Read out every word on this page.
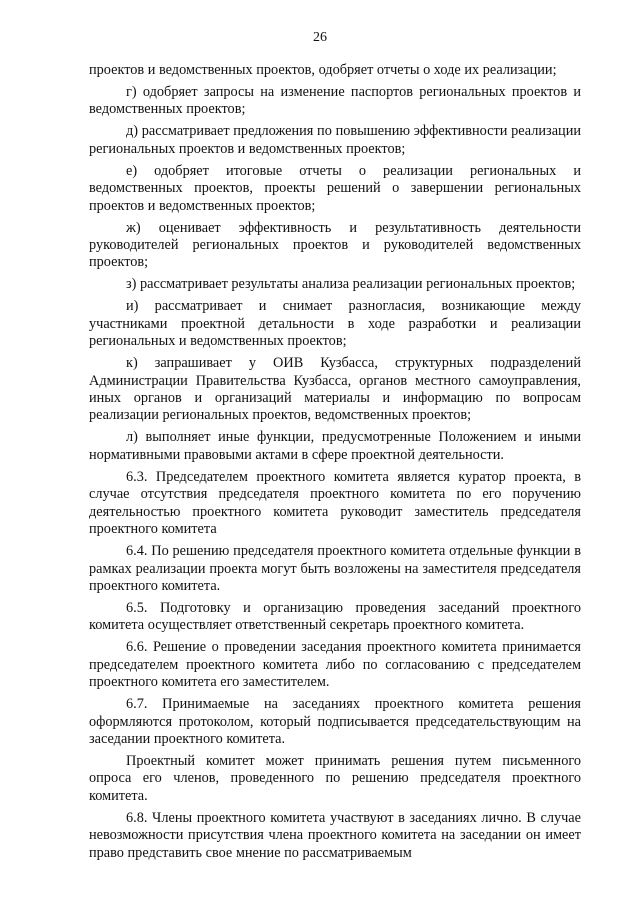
26

проектов и ведомственных проектов, одобряет отчеты о ходе их реализации;

г) одобряет запросы на изменение паспортов региональных проектов и ведомственных проектов;

д) рассматривает предложения по повышению эффективности реализации региональных проектов и ведомственных проектов;

е) одобряет итоговые отчеты о реализации региональных и ведомственных проектов, проекты решений о завершении региональных проектов и ведомственных проектов;

ж) оценивает эффективность и результативность деятельности руководителей региональных проектов и руководителей ведомственных проектов;

з) рассматривает результаты анализа реализации региональных проектов;

и) рассматривает и снимает разногласия, возникающие между участниками проектной детальности в ходе разработки и реализации региональных и ведомственных проектов;

к) запрашивает у ОИВ Кузбасса, структурных подразделений Администрации Правительства Кузбасса, органов местного самоуправления, иных органов и организаций материалы и информацию по вопросам реализации региональных проектов, ведомственных проектов;

л) выполняет иные функции, предусмотренные Положением и иными нормативными правовыми актами в сфере проектной деятельности.

6.3. Председателем проектного комитета является куратор проекта, в случае отсутствия председателя проектного комитета по его поручению деятельностью проектного комитета руководит заместитель председателя проектного комитета

6.4. По решению председателя проектного комитета отдельные функции в рамках реализации проекта могут быть возложены на заместителя председателя проектного комитета.

6.5. Подготовку и организацию проведения заседаний проектного комитета осуществляет ответственный секретарь проектного комитета.

6.6. Решение о проведении заседания проектного комитета принимается председателем проектного комитета либо по согласованию с председателем проектного комитета его заместителем.

6.7. Принимаемые на заседаниях проектного комитета решения оформляются протоколом, который подписывается председательствующим на заседании проектного комитета.

Проектный комитет может принимать решения путем письменного опроса его членов, проведенного по решению председателя проектного комитета.

6.8. Члены проектного комитета участвуют в заседаниях лично. В случае невозможности присутствия члена проектного комитета на заседании он имеет право представить свое мнение по рассматриваемым
